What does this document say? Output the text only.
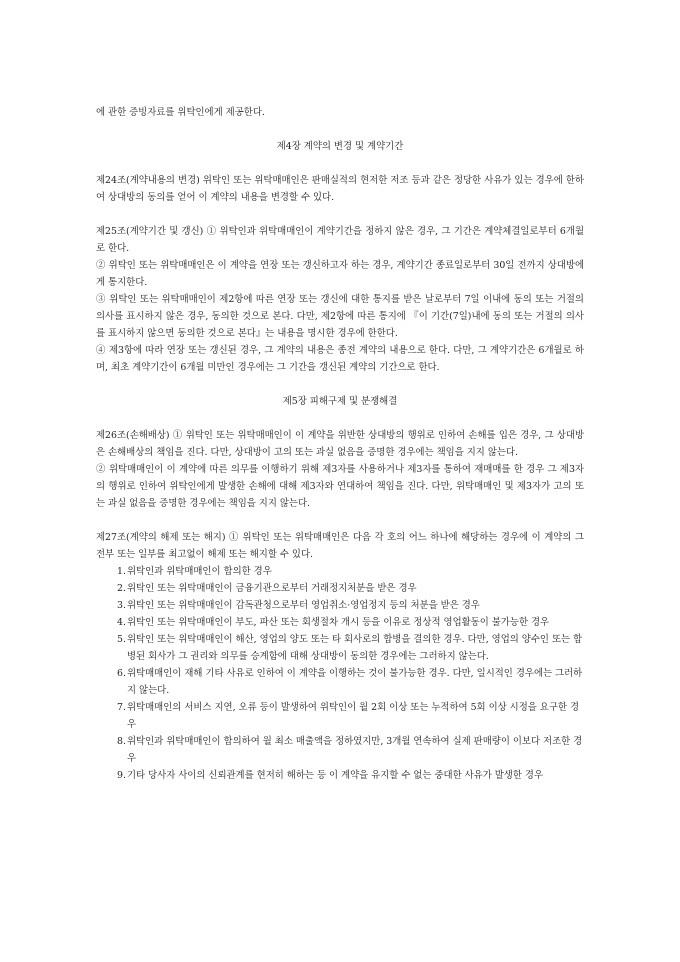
에 관한 증빙자료를 위탁인에게 제공한다.

제4장 계약의 변경 및 계약기간

제24조(계약내용의 변경) 위탁인 또는 위탁매매인은 판매실적의 현저한 저조 등과 같은 정당한 사유가 있는 경우에 한하여 상대방의 동의를 얻어 이 계약의 내용을 변경할 수 있다.

제25조(계약기간 및 갱신) ① 위탁인과 위탁매매인이 계약기간을 정하지 않은 경우, 그 기간은 계약체결일로부터 6개월로 한다.

② 위탁인 또는 위탁매매인은 이 계약을 연장 또는 갱신하고자 하는 경우, 계약기간 종료일로부터 30일 전까지 상대방에게 통지한다.

③ 위탁인 또는 위탁매매인이 제2항에 따른 연장 또는 갱신에 대한 통지를 받은 날로부터 7일 이내에 동의 또는 거절의 의사를 표시하지 않은 경우, 동의한 것으로 본다. 다만, 제2항에 따른 통지에 『이 기간(7일)내에 동의 또는 거절의 의사를 표시하지 않으면 동의한 것으로 본다』는 내용을 명시한 경우에 한한다.

④ 제3항에 따라 연장 또는 갱신된 경우, 그 계약의 내용은 종전 계약의 내용으로 한다. 다만, 그 계약기간은 6개월로 하며, 최초 계약기간이 6개월 미만인 경우에는 그 기간을 갱신된 계약의 기간으로 한다.

제5장 피해구제 및 분쟁해결

제26조(손해배상) ① 위탁인 또는 위탁매매인이 이 계약을 위반한 상대방의 행위로 인하여 손해를 입은 경우, 그 상대방은 손해배상의 책임을 진다. 다만, 상대방이 고의 또는 과실 없음을 증명한 경우에는 책임을 지지 않는다.

② 위탁매매인이 이 계약에 따른 의무를 이행하기 위해 제3자를 사용하거나 제3자를 통하여 재매매를 한 경우 그 제3자의 행위로 인하여 위탁인에게 발생한 손해에 대해 제3자와 연대하여 책임을 진다. 다만, 위탁매매인 및 제3자가 고의 또는 과실 없음을 증명한 경우에는 책임을 지지 않는다.

제27조(계약의 해제 또는 해지) ① 위탁인 또는 위탁매매인은 다음 각 호의 어느 하나에 해당하는 경우에 이 계약의 그 전부 또는 일부를 최고없이 해제 또는 해지할 수 있다.

1. 위탁인과 위탁매매인이 합의한 경우
2. 위탁인 또는 위탁매매인이 금융기관으로부터 거래정지처분을 받은 경우
3. 위탁인 또는 위탁매매인이 감독관청으로부터 영업취소·영업정지 등의 처분을 받은 경우
4. 위탁인 또는 위탁매매인이 부도, 파산 또는 회생절차 개시 등을 이유로 정상적 영업활동이 불가능한 경우
5. 위탁인 또는 위탁매매인이 해산, 영업의 양도 또는 타 회사로의 합병을 결의한 경우. 다만, 영업의 양수인 또는 합병된 회사가 그 권리와 의무를 승계함에 대해 상대방이 동의한 경우에는 그러하지 않는다.
6. 위탁매매인이 재해 기타 사유로 인하여 이 계약을 이행하는 것이 불가능한 경우. 다만, 일시적인 경우에는 그러하지 않는다.
7. 위탁매매인의 서비스 지연, 오류 등이 발생하여 위탁인이 월 2회 이상 또는 누적하여 5회 이상 시정을 요구한 경우
8. 위탁인과 위탁매매인이 합의하여 월 최소 매출액을 정하였지만, 3개월 연속하여 실제 판매량이 이보다 저조한 경우
9. 기타 당사자 사이의 신뢰관계를 현저히 해하는 등 이 계약을 유지할 수 없는 중대한 사유가 발생한 경우
